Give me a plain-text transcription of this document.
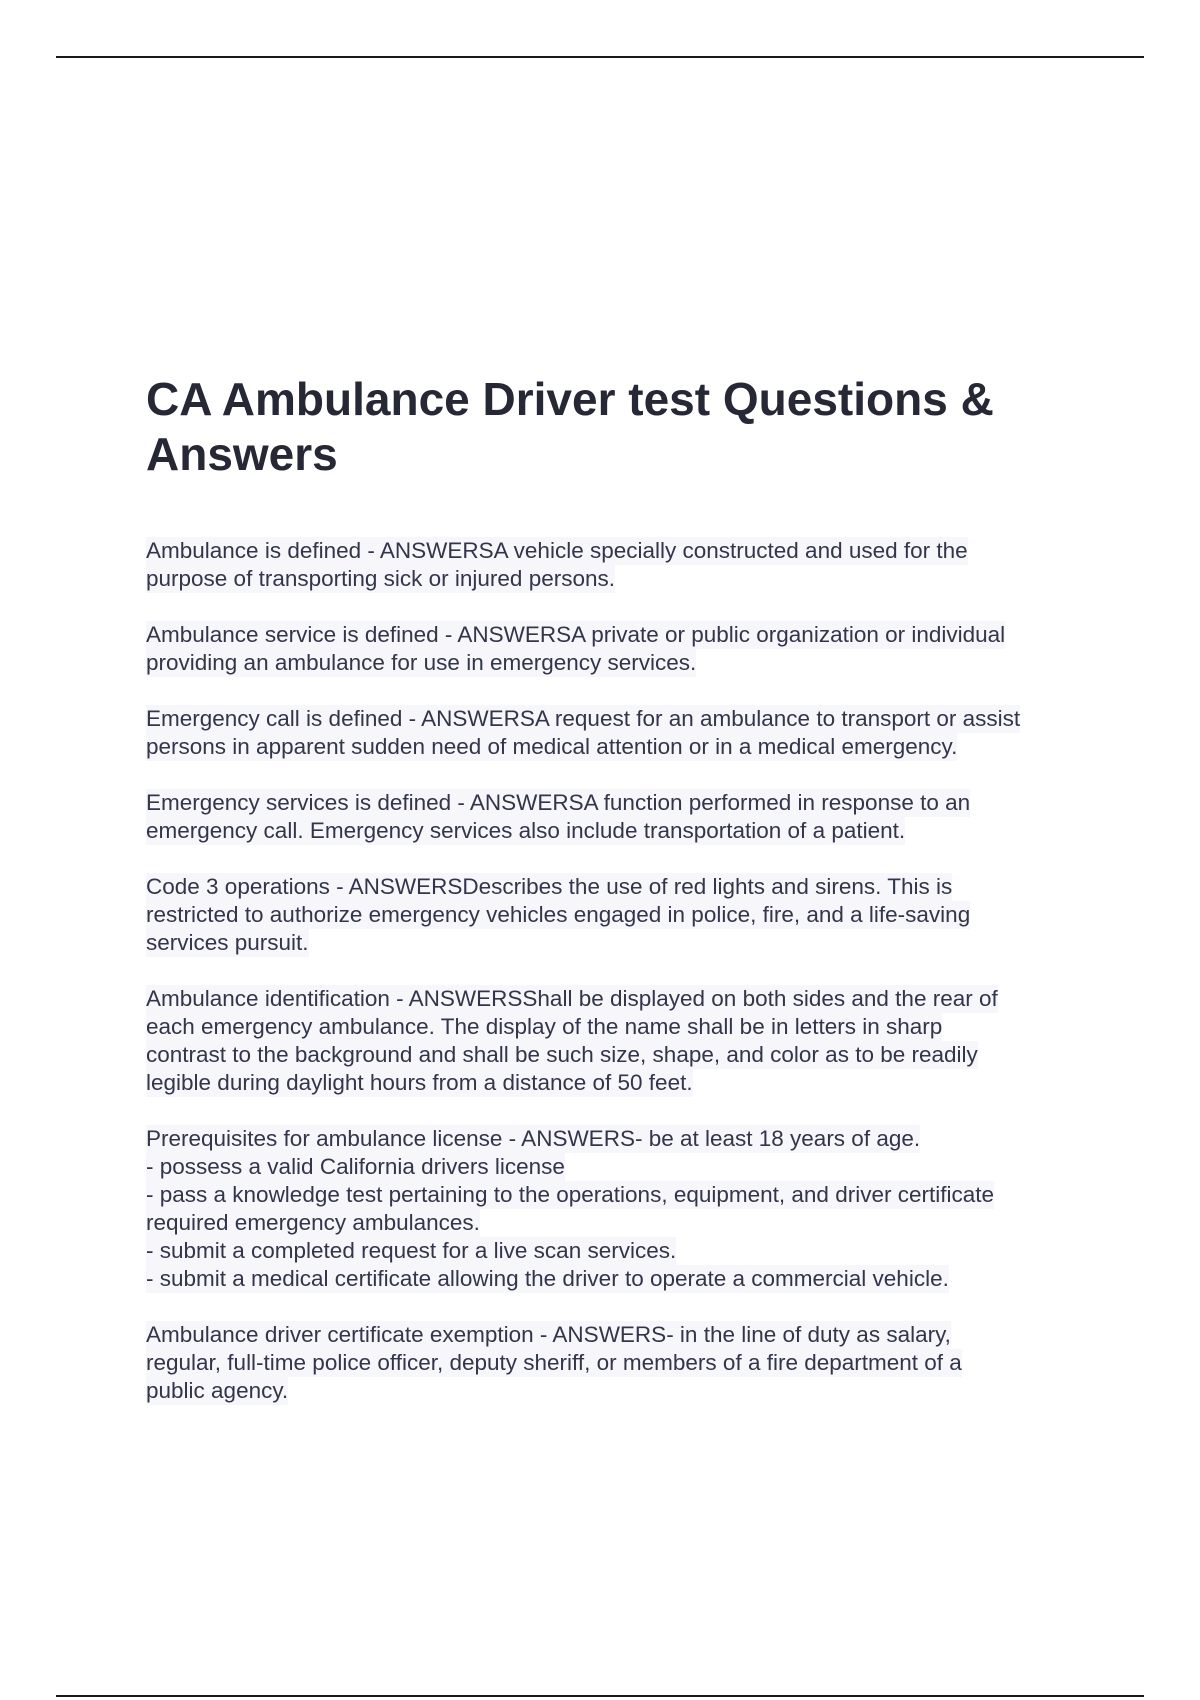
CA Ambulance Driver test Questions &
Answers

Ambulance is defined - ANSWERSA vehicle specially constructed and used for the
purpose of transporting sick or injured persons.

Ambulance service is defined - ANSWERSA private or public organization or individual
providing an ambulance for use in emergency services.

Emergency call is defined - ANSWERSA request for an ambulance to transport or assist
persons in apparent sudden need of medical attention or in a medical emergency.

Emergency services is defined - ANSWERSA function performed in response to an
emergency call. Emergency services also include transportation of a patient.

Code 3 operations - ANSWERSDescribes the use of red lights and sirens. This is
restricted to authorize emergency vehicles engaged in police, fire, and a life-saving
services pursuit.

Ambulance identification - ANSWERSShall be displayed on both sides and the rear of
each emergency ambulance. The display of the name shall be in letters in sharp
contrast to the background and shall be such size, shape, and color as to be readily
legible during daylight hours from a distance of 50 feet.

Prerequisites for ambulance license - ANSWERS- be at least 18 years of age.
- possess a valid California drivers license
- pass a knowledge test pertaining to the operations, equipment, and driver certificate
required emergency ambulances.
- submit a completed request for a live scan services.
- submit a medical certificate allowing the driver to operate a commercial vehicle.

Ambulance driver certificate exemption - ANSWERS- in the line of duty as salary,
regular, full-time police officer, deputy sheriff, or members of a fire department of a
public agency.
